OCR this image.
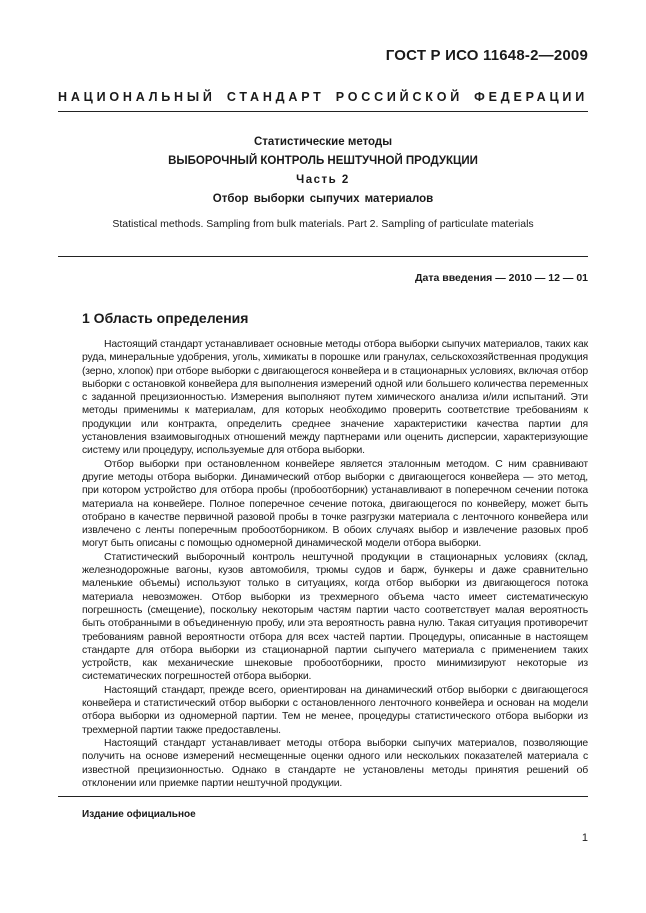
ГОСТ Р ИСО 11648-2—2009
НАЦИОНАЛЬНЫЙ СТАНДАРТ РОССИЙСКОЙ ФЕДЕРАЦИИ
Статистические методы
ВЫБОРОЧНЫЙ КОНТРОЛЬ НЕШТУЧНОЙ ПРОДУКЦИИ
Часть 2
Отбор выборки сыпучих материалов
Statistical methods. Sampling from bulk materials. Part 2. Sampling of particulate materials
Дата введения — 2010 — 12 — 01
1 Область определения

Настоящий стандарт устанавливает основные методы отбора выборки сыпучих материалов, таких как руда, минеральные удобрения, уголь, химикаты в порошке или гранулах, сельскохозяйственная продукция (зерно, хлопок) при отборе выборки с двигающегося конвейера и в стационарных условиях, включая отбор выборки с остановкой конвейера для выполнения измерений одной или большего количества переменных с заданной прецизионностью. Измерения выполняют путем химического анализа и/или испытаний. Эти методы применимы к материалам, для которых необходимо проверить соответствие требованиям к продукции или контракта, определить среднее значение характеристики качества партии для установления взаимовыгодных отношений между партнерами или оценить дисперсии, характеризующие систему или процедуру, используемые для отбора выборки.

Отбор выборки при остановленном конвейере является эталонным методом. С ним сравнивают другие методы отбора выборки. Динамический отбор выборки с двигающегося конвейера — это метод, при котором устройство для отбора пробы (пробоотборник) устанавливают в поперечном сечении потока материала на конвейере. Полное поперечное сечение потока, двигающегося по конвейеру, может быть отобрано в качестве первичной разовой пробы в точке разгрузки материала с ленточного конвейера или извлечено с ленты поперечным пробоотборником. В обоих случаях выбор и извлечение разовых проб могут быть описаны с помощью одномерной динамической модели отбора выборки.

Статистический выборочный контроль нештучной продукции в стационарных условиях (склад, железнодорожные вагоны, кузов автомобиля, трюмы судов и барж, бункеры и даже сравнительно маленькие объемы) используют только в ситуациях, когда отбор выборки из двигающегося потока материала невозможен. Отбор выборки из трехмерного объема часто имеет систематическую погрешность (смещение), поскольку некоторым частям партии часто соответствует малая вероятность быть отобранными в объединенную пробу, или эта вероятность равна нулю. Такая ситуация противоречит требованиям равной вероятности отбора для всех частей партии. Процедуры, описанные в настоящем стандарте для отбора выборки из стационарной партии сыпучего материала с применением таких устройств, как механические шнековые пробоотборники, просто минимизируют некоторые из систематических погрешностей отбора выборки.

Настоящий стандарт, прежде всего, ориентирован на динамический отбор выборки с двигающегося конвейера и статистический отбор выборки с остановленного ленточного конвейера и основан на модели отбора выборки из одномерной партии. Тем не менее, процедуры статистического отбора выборки из трехмерной партии также предоставлены.

Настоящий стандарт устанавливает методы отбора выборки сыпучих материалов, позволяющие получить на основе измерений несмещенные оценки одного или нескольких показателей материала с известной прецизионностью. Однако в стандарте не установлены методы принятия решений об отклонении или приемке партии нештучной продукции.

Издание официальное
1
